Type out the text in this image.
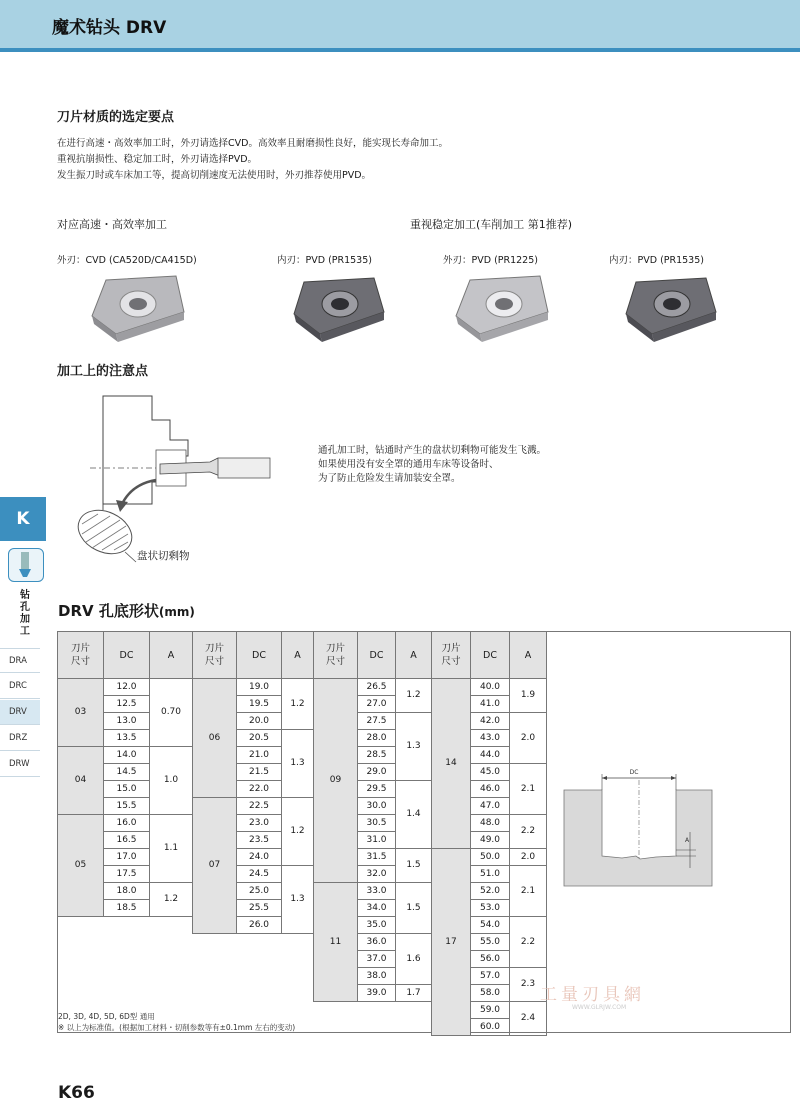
魔术钻头 DRV
刀片材质的选定要点
在进行高速・高效率加工时，外刃请选择CVD。高效率且耐磨损性良好，能实现长寿命加工。
重视抗崩损性、稳定加工时，外刃请选择PVD。
发生振刀时或车床加工等，提高切削速度无法使用时，外刃推荐使用PVD。
对应高速・高效率加工	重视稳定加工(车削加工 第1推荐)
外刃：CVD (CA520D/CA415D)	内刃：PVD (PR1535)	外刃：PVD (PR1225)	内刃：PVD (PR1535)
加工上的注意点
盘状切剩物
通孔加工时，钻通时产生的盘状切剩物可能发生飞溅。
如果使用没有安全罩的通用车床等设备时、
为了防止危险发生请加装安全罩。
K
钻
孔
加
工
DRA
DRC
DRV
DRZ
DRW
DRV 孔底形状(mm)
刀片
尺寸	DC	A
03	12.0	0.70
	12.5	
	13.0	
	13.5	
04	14.0	1.0
	14.5	
	15.0	
	15.5	
05	16.0	1.1
	16.5	
	17.0	
	17.5	
	18.0	1.2
	18.5	
刀片
尺寸	DC	A
06	19.0	1.2
	19.5	
	20.0	
	20.5	1.3
	21.0	
	21.5	
	22.0	
07	22.5	1.2
	23.0	
	23.5	
	24.0	
	24.5	1.3
	25.0	
	25.5	
	26.0	
刀片
尺寸	DC	A
09	26.5	1.2
	27.0	
	27.5	1.3
	28.0	
	28.5	
	29.0	
	29.5	1.4
	30.0	
	30.5	
	31.0	
	31.5	1.5
	32.0	
11	33.0	1.5
	34.0	
	35.0	
	36.0	1.6
	37.0	
	38.0	
	39.0	1.7
刀片
尺寸	DC	A
14	40.0	1.9
	41.0	
	42.0	2.0
	43.0	
	44.0	
	45.0	2.1
	46.0	
	47.0	
	48.0	2.2
	49.0	
17	50.0	2.0
	51.0	2.1
	52.0	
	53.0	
	54.0	2.2
	55.0	
	56.0	
	57.0	2.3
	58.0	
	59.0	2.4
	60.0	
DC
A
2D, 3D, 4D, 5D, 6D型 通用
※ 以上为标准值。(根据加工材料・切削参数等有±0.1mm 左右的变动)
工量刃具網
WWW.GLRJW.COM
K66
